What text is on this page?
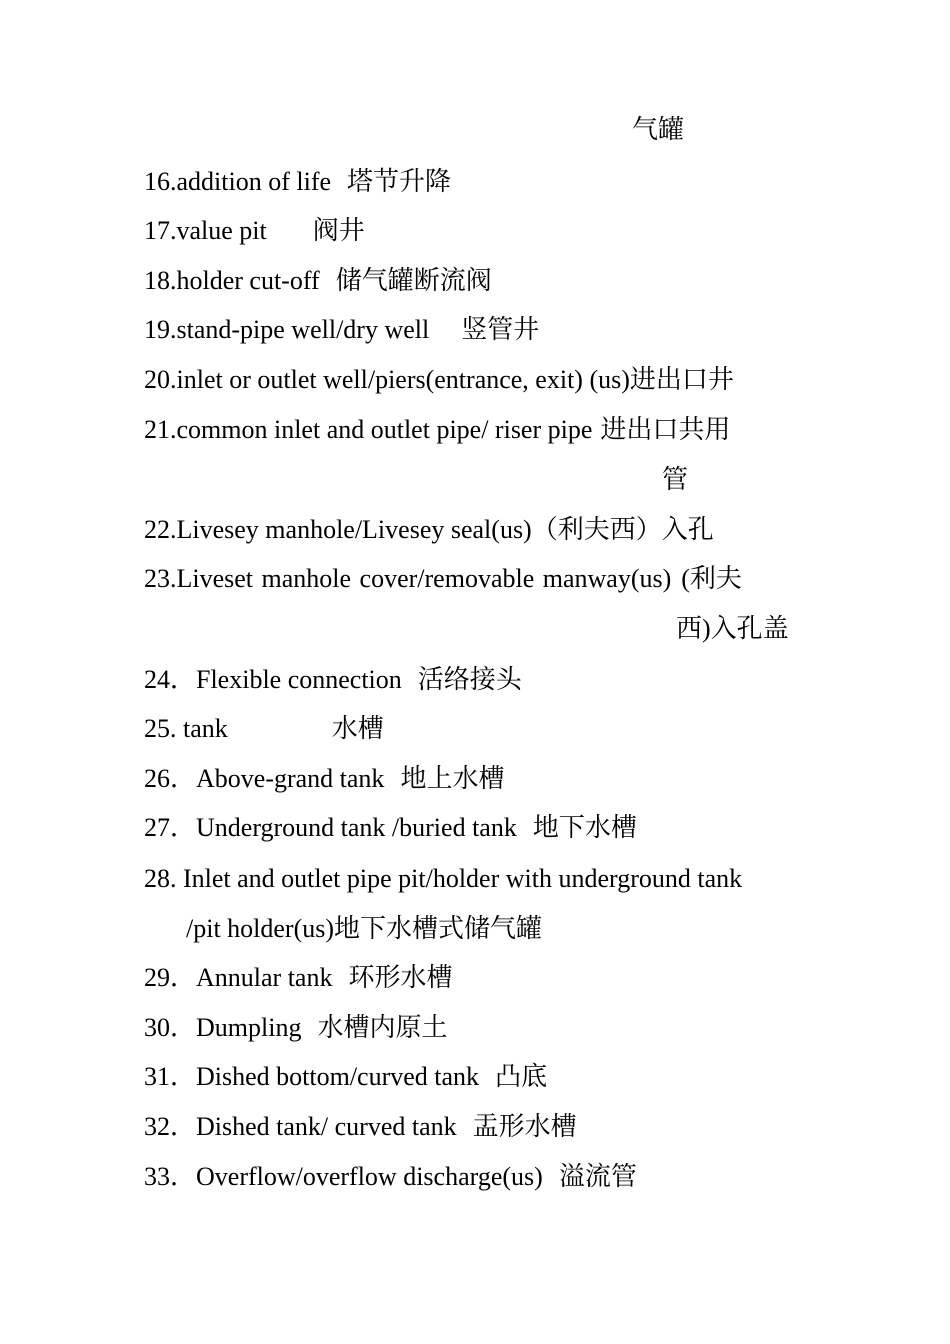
气罐
16.addition of life 塔节升降
17.value pit 阀井
18.holder cut-off 储气罐断流阀
19.stand-pipe well/dry well 竖管井
20.inlet or outlet well/piers(entrance, exit) (us)进出口井
21.common inlet and outlet pipe/ riser pipe 进出口共用
管
22.Livesey manhole/Livesey seal(us)（利夫西）入孔
23.Liveset manhole cover/removable manway(us) (利夫
西)入孔盖
24．Flexible connection 活络接头
25. tank	水槽
26．Above-grand tank 地上水槽
27．Underground tank /buried tank 地下水槽
28. Inlet and outlet pipe pit/holder with underground tank
/pit holder(us)地下水槽式储气罐
29．Annular tank 环形水槽
30．Dumpling 水槽内原土
31．Dished bottom/curved tank 凸底
32．Dished tank/ curved tank 盂形水槽
33．Overflow/overflow discharge(us) 溢流管
